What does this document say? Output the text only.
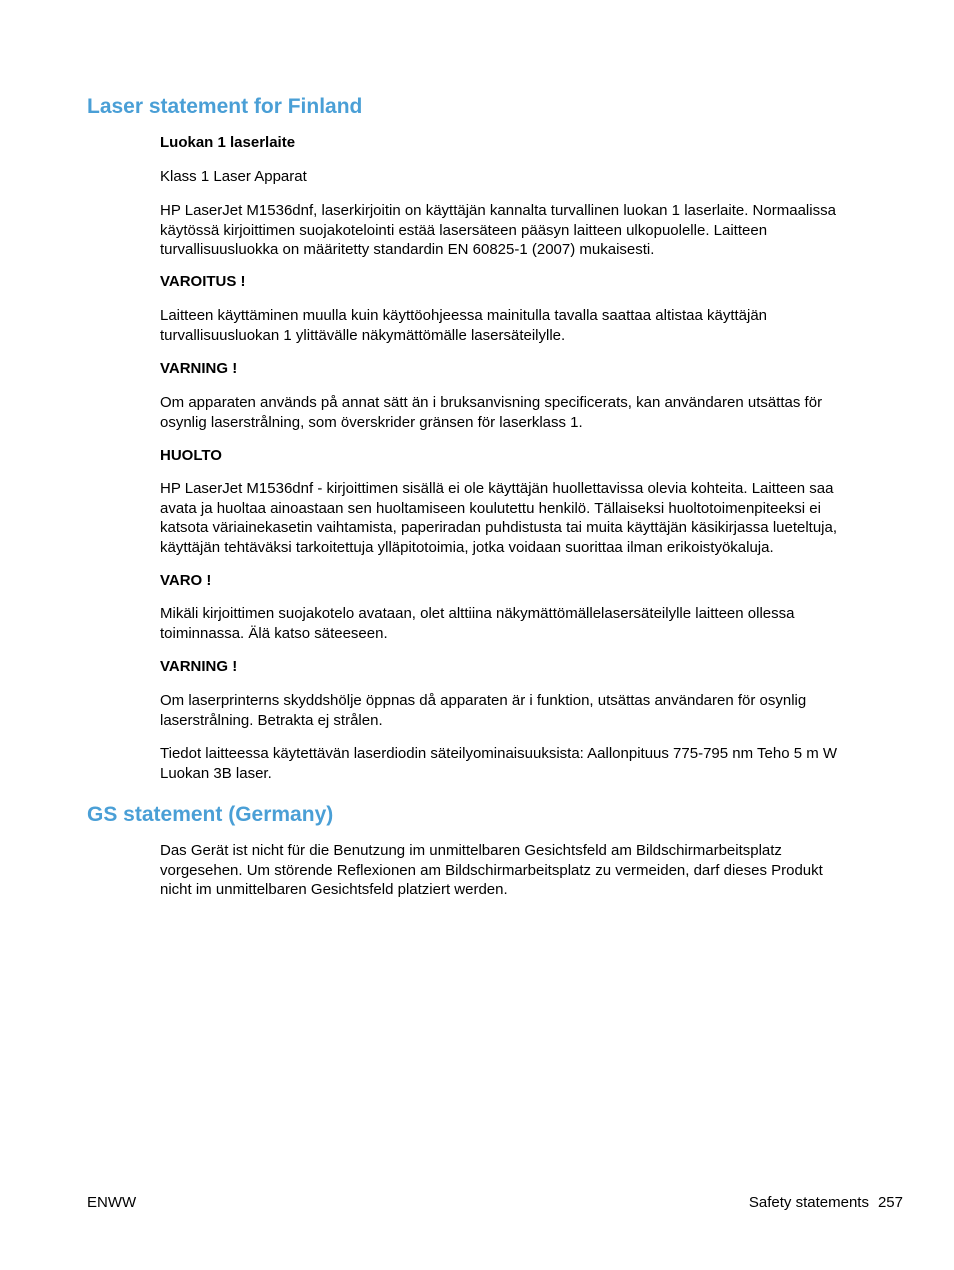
Laser statement for Finland

Luokan 1 laserlaite

Klass 1 Laser Apparat

HP LaserJet M1536dnf, laserkirjoitin on käyttäjän kannalta turvallinen luokan 1 laserlaite. Normaalissa
käytössä kirjoittimen suojakotelointi estää lasersäteen pääsyn laitteen ulkopuolelle. Laitteen
turvallisuusluokka on määritetty standardin EN 60825-1 (2007) mukaisesti.

VAROITUS !

Laitteen käyttäminen muulla kuin käyttöohjeessa mainitulla tavalla saattaa altistaa käyttäjän
turvallisuusluokan 1 ylittävälle näkymättömälle lasersäteilylle.

VARNING !

Om apparaten används på annat sätt än i bruksanvisning specificerats, kan användaren utsättas för
osynlig laserstrålning, som överskrider gränsen för laserklass 1.

HUOLTO

HP LaserJet M1536dnf - kirjoittimen sisällä ei ole käyttäjän huollettavissa olevia kohteita. Laitteen saa
avata ja huoltaa ainoastaan sen huoltamiseen koulutettu henkilö. Tällaiseksi huoltotoimenpiteeksi ei
katsota väriainekasetin vaihtamista, paperiradan puhdistusta tai muita käyttäjän käsikirjassa lueteltuja,
käyttäjän tehtäväksi tarkoitettuja ylläpitotoimia, jotka voidaan suorittaa ilman erikoistyökaluja.

VARO !

Mikäli kirjoittimen suojakotelo avataan, olet alttiina näkymättömällelasersäteilylle laitteen ollessa
toiminnassa. Älä katso säteeseen.

VARNING !

Om laserprinterns skyddshölje öppnas då apparaten är i funktion, utsättas användaren för osynlig
laserstrålning. Betrakta ej strålen.

Tiedot laitteessa käytettävän laserdiodin säteilyominaisuuksista: Aallonpituus 775-795 nm Teho 5 m W
Luokan 3B laser.

GS statement (Germany)

Das Gerät ist nicht für die Benutzung im unmittelbaren Gesichtsfeld am Bildschirmarbeitsplatz
vorgesehen. Um störende Reflexionen am Bildschirmarbeitsplatz zu vermeiden, darf dieses Produkt
nicht im unmittelbaren Gesichtsfeld platziert werden.

ENWW	Safety statements 257
